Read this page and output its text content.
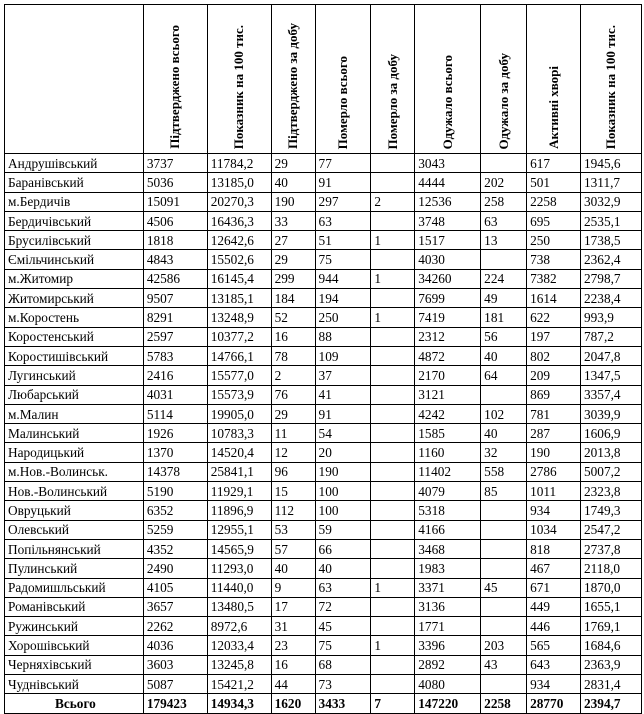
	Підтверджено всього	Показник на 100 тис.	Підтверджено за добу	Померло всього	Померло за добу	Одужало всього	Одужало за добу	Активні хворі	Показник на 100 тис.

Андрушівський	3737	11784,2	29	77		3043		617	1945,6
Баранівський	5036	13185,0	40	91		4444	202	501	1311,7
м.Бердичів	15091	20270,3	190	297	2	12536	258	2258	3032,9
Бердичівський	4506	16436,3	33	63		3748	63	695	2535,1
Брусилівський	1818	12642,6	27	51	1	1517	13	250	1738,5
Ємільчинський	4843	15502,6	29	75		4030		738	2362,4
м.Житомир	42586	16145,4	299	944	1	34260	224	7382	2798,7
Житомирський	9507	13185,1	184	194		7699	49	1614	2238,4
м.Коростень	8291	13248,9	52	250	1	7419	181	622	993,9
Коростенський	2597	10377,2	16	88		2312	56	197	787,2
Коростишівський	5783	14766,1	78	109		4872	40	802	2047,8
Лугинський	2416	15577,0	2	37		2170	64	209	1347,5
Любарський	4031	15573,9	76	41		3121		869	3357,4
м.Малин	5114	19905,0	29	91		4242	102	781	3039,9
Малинський	1926	10783,3	11	54		1585	40	287	1606,9
Народицький	1370	14520,4	12	20		1160	32	190	2013,8
м.Нов.-Волинськ.	14378	25841,1	96	190		11402	558	2786	5007,2
Нов.-Волинський	5190	11929,1	15	100		4079	85	1011	2323,8
Овруцький	6352	11896,9	112	100		5318		934	1749,3
Олевський	5259	12955,1	53	59		4166		1034	2547,2
Попільнянський	4352	14565,9	57	66		3468		818	2737,8
Пулинський	2490	11293,0	40	40		1983		467	2118,0
Радомишльський	4105	11440,0	9	63	1	3371	45	671	1870,0
Романівський	3657	13480,5	17	72		3136		449	1655,1
Ружинський	2262	8972,6	31	45		1771		446	1769,1
Хорошівський	4036	12033,4	23	75	1	3396	203	565	1684,6
Черняхівський	3603	13245,8	16	68		2892	43	643	2363,9
Чуднівський	5087	15421,2	44	73		4080		934	2831,4
Всього	179423	14934,3	1620	3433	7	147220	2258	28770	2394,7
